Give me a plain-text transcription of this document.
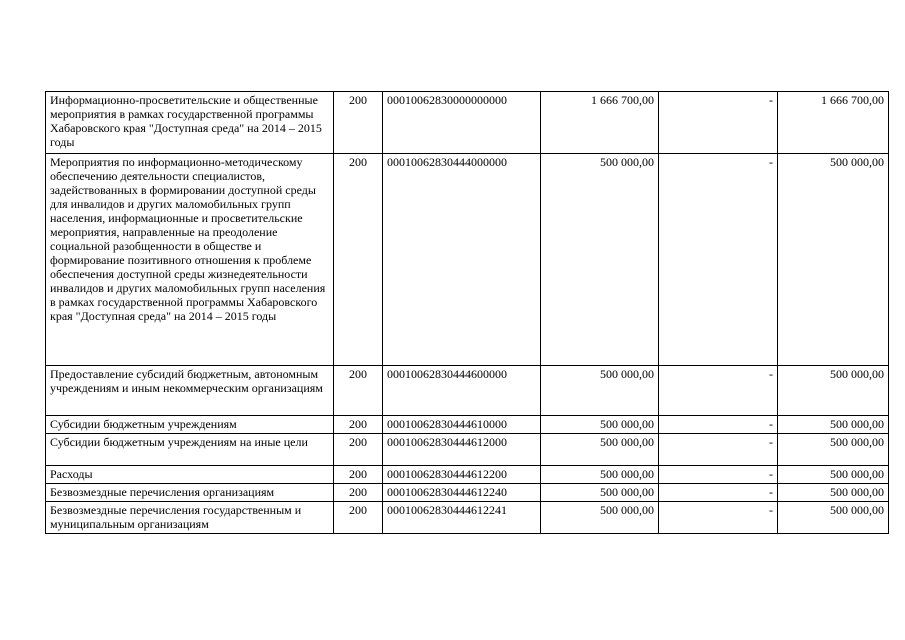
Информационно-просветительские и общественные мероприятия в рамках государственной программы Хабаровского края "Доступная среда" на 2014 – 2015 годы	200	00010062830000000000	1 666 700,00	-	1 666 700,00
Мероприятия по информационно-методическому обеспечению деятельности специалистов, задействованных в формировании доступной среды для инвалидов и других маломобильных групп населения, информационные и просветительские мероприятия, направленные на преодоление социальной разобщенности в обществе и формирование позитивного отношения к проблеме обеспечения доступной среды жизнедеятельности инвалидов и других маломобильных групп населения в рамках государственной программы Хабаровского края "Доступная среда" на 2014 – 2015 годы	200	00010062830444000000	500 000,00	-	500 000,00
Предоставление субсидий бюджетным, автономным учреждениям и иным некоммерческим организациям	200	00010062830444600000	500 000,00	-	500 000,00
Субсидии бюджетным учреждениям	200	00010062830444610000	500 000,00	-	500 000,00
Субсидии бюджетным учреждениям на иные цели	200	00010062830444612000	500 000,00	-	500 000,00
Расходы	200	00010062830444612200	500 000,00	-	500 000,00
Безвозмездные перечисления организациям	200	00010062830444612240	500 000,00	-	500 000,00
Безвозмездные перечисления государственным и муниципальным организациям	200	00010062830444612241	500 000,00	-	500 000,00
